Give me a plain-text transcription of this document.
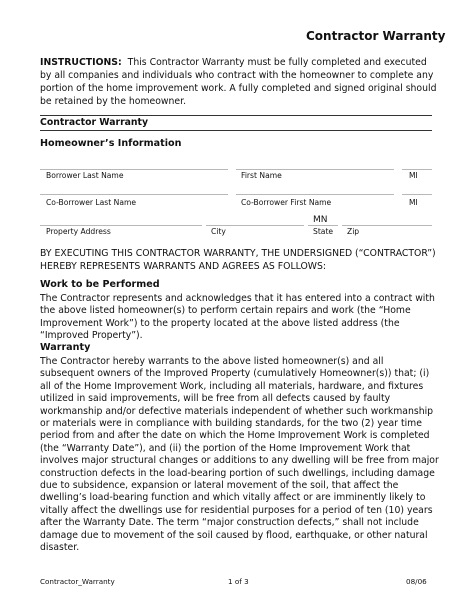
Contractor Warranty
INSTRUCTIONS: This Contractor Warranty must be fully completed and executed by all companies and individuals who contract with the homeowner to complete any portion of the home improvement work. A fully completed and signed original should be retained by the homeowner.
Contractor Warranty
Homeowner’s Information
Borrower Last Name	First Name	MI
Co-Borrower Last Name	Co-Borrower First Name	MI
MN
Property Address	City	State Zip
BY EXECUTING THIS CONTRACTOR WARRANTY, THE UNDERSIGNED (“CONTRACTOR”) HEREBY REPRESENTS WARRANTS AND AGREES AS FOLLOWS:
Work to be Performed
The Contractor represents and acknowledges that it has entered into a contract with the above listed homeowner(s) to perform certain repairs and work (the “Home Improvement Work”) to the property located at the above listed address (the “Improved Property”).
Warranty
The Contractor hereby warrants to the above listed homeowner(s) and all subsequent owners of the Improved Property (cumulatively Homeowner(s)) that; (i) all of the Home Improvement Work, including all materials, hardware, and fixtures utilized in said improvements, will be free from all defects caused by faulty workmanship and/or defective materials independent of whether such workmanship or materials were in compliance with building standards, for the two (2) year time period from and after the date on which the Home Improvement Work is completed (the “Warranty Date”), and (ii) the portion of the Home Improvement Work that involves major structural changes or additions to any dwelling will be free from major construction defects in the load-bearing portion of such dwellings, including damage due to subsidence, expansion or lateral movement of the soil, that affect the dwelling’s load-bearing function and which vitally affect or are imminently likely to vitally affect the dwellings use for residential purposes for a period of ten (10) years after the Warranty Date. The term “major construction defects,” shall not include damage due to movement of the soil caused by flood, earthquake, or other natural disaster.
Contractor_Warranty	1 of 3	08/06
